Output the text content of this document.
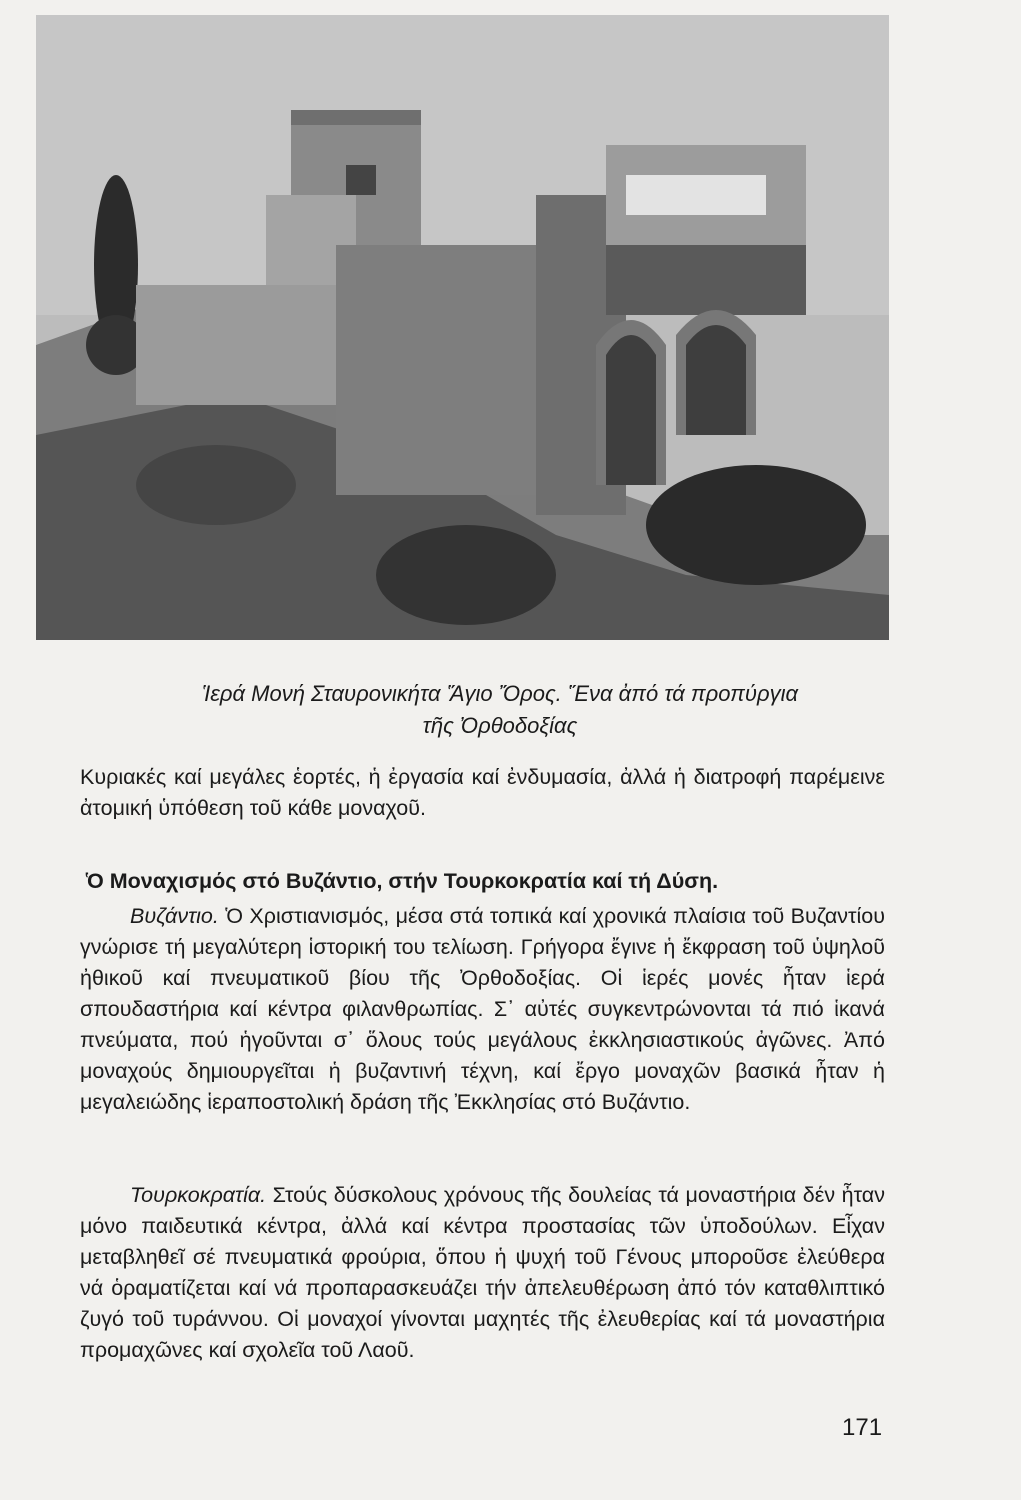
Ἱερά Μονή Σταυρονικήτα Ἅγιο Ὄρος. Ἕνα ἀπό τά προπύργια
τῆς Ὀρθοδοξίας

Κυριακές καί μεγάλες ἑορτές, ἡ ἐργασία καί ἐνδυμασία, ἀλλά ἡ διατροφή παρέμεινε ἀτομική ὑπόθεση τοῦ κάθε μοναχοῦ.

Ὁ Μοναχισμός στό Βυζάντιο, στήν Τουρκοκρατία καί τή Δύση.

Βυζάντιο. Ὁ Χριστιανισμός, μέσα στά τοπικά καί χρονικά πλαίσια τοῦ Βυζαντίου γνώρισε τή μεγαλύτερη ἱστορική του τελίωση. Γρήγορα ἔγινε ἡ ἔκφραση τοῦ ὑψηλοῦ ἠθικοῦ καί πνευματικοῦ βίου τῆς Ὀρθοδοξίας. Οἱ ἱερές μονές ἦταν ἱερά σπουδαστήρια καί κέντρα φιλανθρωπίας. Σ᾽ αὐτές συγκεντρώνονται τά πιό ἱκανά πνεύματα, πού ἡγοῦνται σ᾽ ὅλους τούς μεγάλους ἐκκλησιαστικούς ἀγῶνες. Ἀπό μοναχούς δημιουργεῖται ἡ βυζαντινή τέχνη, καί ἔργο μοναχῶν βασικά ἦταν ἡ μεγαλειώδης ἱεραποστολική δράση τῆς Ἐκκλησίας στό Βυζάντιο.

Τουρκοκρατία. Στούς δύσκολους χρόνους τῆς δουλείας τά μοναστήρια δέν ἦταν μόνο παιδευτικά κέντρα, ἀλλά καί κέντρα προστασίας τῶν ὑποδούλων. Εἶχαν μεταβληθεῖ σέ πνευματικά φρούρια, ὅπου ἡ ψυχή τοῦ Γένους μποροῦσε ἐλεύθερα νά ὁραματίζεται καί νά προπαρασκευάζει τήν ἀπελευθέρωση ἀπό τόν καταθλιπτικό ζυγό τοῦ τυράννου. Οἱ μοναχοί γίνονται μαχητές τῆς ἐλευθερίας καί τά μοναστήρια προμαχῶνες καί σχολεῖα τοῦ Λαοῦ.

171
